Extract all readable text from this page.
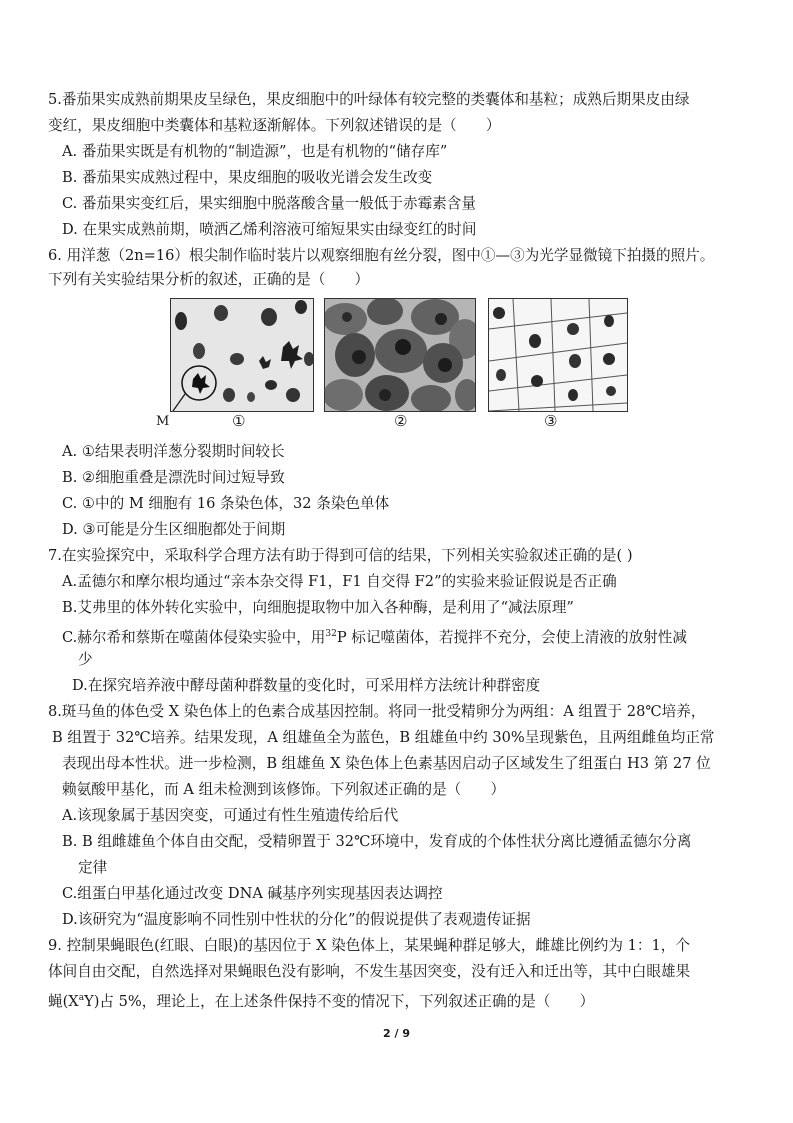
5.番茄果实成熟前期果皮呈绿色，果皮细胞中的叶绿体有较完整的类囊体和基粒；成熟后期果皮由绿
变红，果皮细胞中类囊体和基粒逐渐解体。下列叙述错误的是（　　）
A. 番茄果实既是有机物的“制造源”，也是有机物的“储存库”
B. 番茄果实成熟过程中，果皮细胞的吸收光谱会发生改变
C. 番茄果实变红后，果实细胞中脱落酸含量一般低于赤霉素含量
D. 在果实成熟前期，喷洒乙烯利溶液可缩短果实由绿变红的时间
6. 用洋葱（2n=16）根尖制作临时装片以观察细胞有丝分裂，图中①—③为光学显微镜下拍摄的照片。
下列有关实验结果分析的叙述，正确的是（　　）
M	①	②	③
A. ①结果表明洋葱分裂期时间较长
B. ②细胞重叠是漂洗时间过短导致
C. ①中的 M 细胞有 16 条染色体，32 条染色单体
D. ③可能是分生区细胞都处于间期
7.在实验探究中，采取科学合理方法有助于得到可信的结果，下列相关实验叙述正确的是( )
A.孟德尔和摩尔根均通过“亲本杂交得 F1，F1 自交得 F2”的实验来验证假说是否正确
B.艾弗里的体外转化实验中，向细胞提取物中加入各种酶，是利用了“减法原理”
C.赫尔希和蔡斯在噬菌体侵染实验中，用$^{32}$P 标记噬菌体，若搅拌不充分，会使上清液的放射性减
少
D.在探究培养液中酵母菌种群数量的变化时，可采用样方法统计种群密度
8.斑马鱼的体色受 X 染色体上的色素合成基因控制。将同一批受精卵分为两组：A 组置于 28℃培养，
B 组置于 32℃培养。结果发现，A 组雄鱼全为蓝色，B 组雄鱼中约 30%呈现紫色，且两组雌鱼均正常
表现出母本性状。进一步检测，B 组雄鱼 X 染色体上色素基因启动子区域发生了组蛋白 H3 第 27 位
赖氨酸甲基化，而 A 组未检测到该修饰。下列叙述正确的是（　　）
A.该现象属于基因突变，可通过有性生殖遗传给后代
B. B 组雌雄鱼个体自由交配，受精卵置于 32℃环境中，发育成的个体性状分离比遵循孟德尔分离
定律
C.组蛋白甲基化通过改变 DNA 碱基序列实现基因表达调控
D.该研究为“温度影响不同性别中性状的分化”的假说提供了表观遗传证据
9. 控制果蝇眼色(红眼、白眼)的基因位于 X 染色体上，某果蝇种群足够大，雌雄比例约为 1：1，个
体间自由交配，自然选择对果蝇眼色没有影响，不发生基因突变，没有迁入和迁出等，其中白眼雄果
蝇$(X^aY)$占 5%，理论上，在上述条件保持不变的情况下，下列叙述正确的是（　　）
2 / 9
